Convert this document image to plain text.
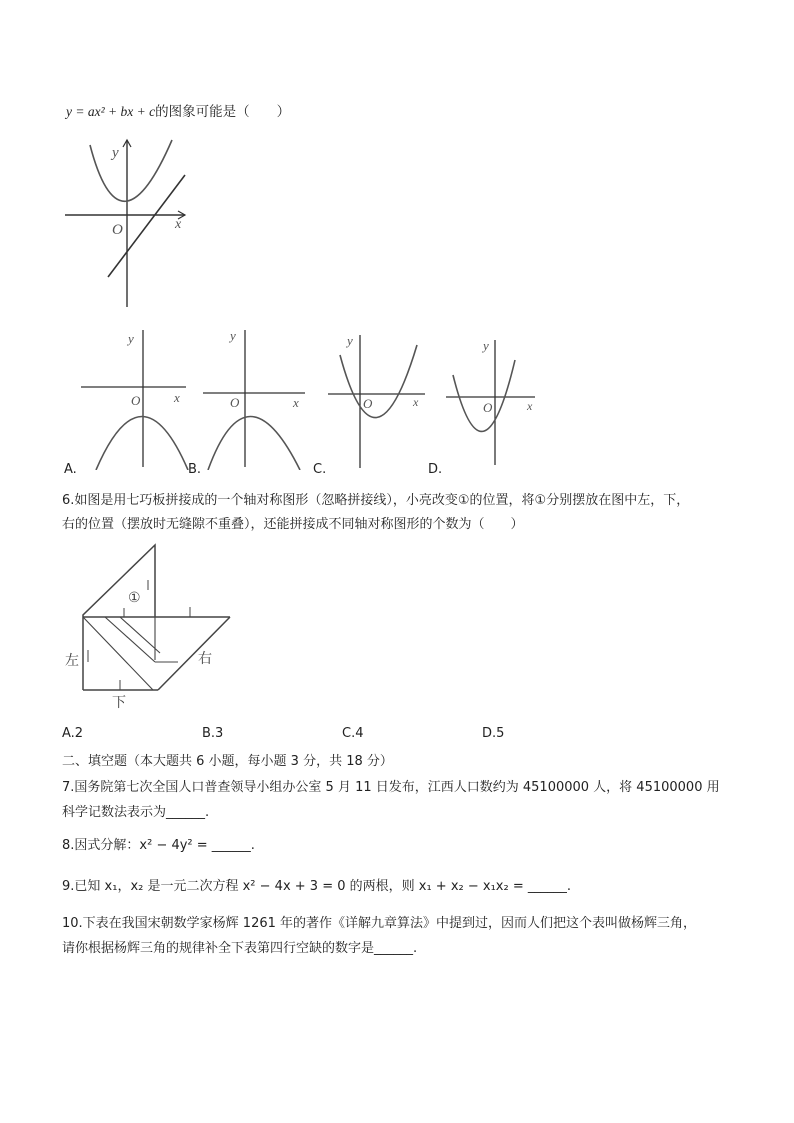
y = ax² + bx + c的图象可能是（　　）
y
x
O
y
x
O
A.
y
x
O
B.
y
x
O
C.
y
x
O
D.
6.如图是用七巧板拼接成的一个轴对称图形（忽略拼接线），小亮改变①的位置，将①分别摆放在图中左，下，
右的位置（摆放时无缝隙不重叠），还能拼接成不同轴对称图形的个数为（　　）
①
左	右
下
A.2	B.3	C.4	D.5
二、填空题（本大题共 6 小题，每小题 3 分，共 18 分）
7.国务院第七次全国人口普查领导小组办公室 5 月 11 日发布，江西人口数约为 45100000 人，将 45100000 用
科学记数法表示为______.
8.因式分解：x² − 4y² = ______.
9.已知 x₁，x₂ 是一元二次方程 x² − 4x + 3 = 0 的两根，则 x₁ + x₂ − x₁x₂ = ______.
10.下表在我国宋朝数学家杨辉 1261 年的著作《详解九章算法》中提到过，因而人们把这个表叫做杨辉三角，
请你根据杨辉三角的规律补全下表第四行空缺的数字是______.
